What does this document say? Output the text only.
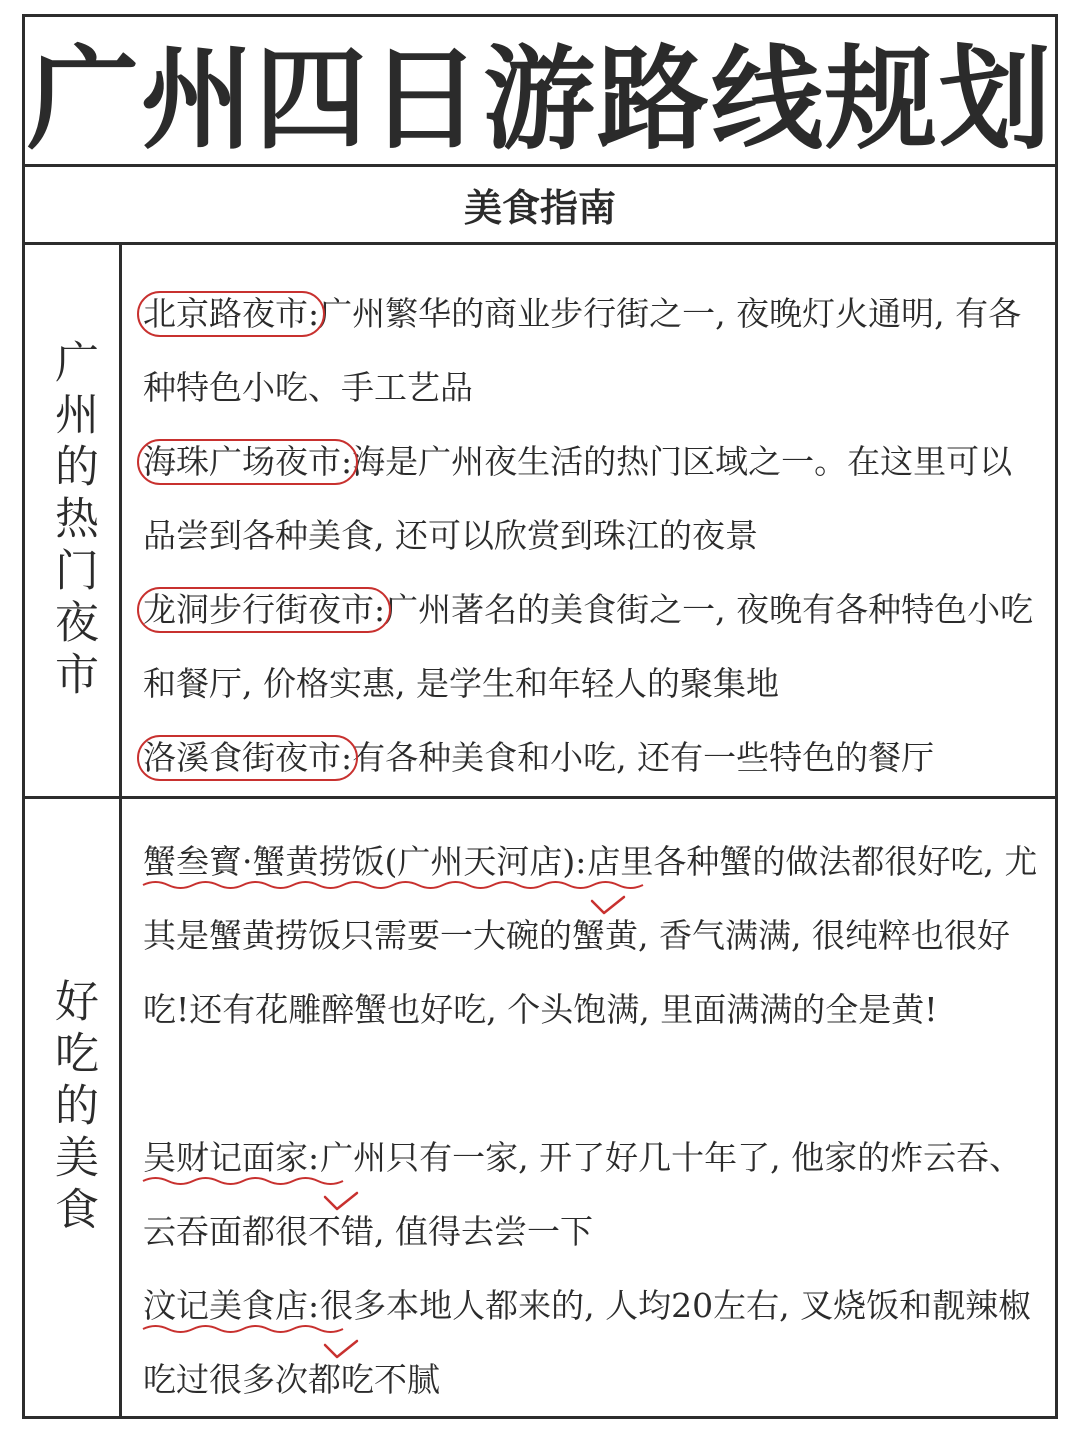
广州四日游路线规划
美食指南
广州的热门夜市
北京路夜市:
广州繁华的商业步行街之一, 夜晚灯火通明, 有各种特色小吃、手工艺品
海珠广场夜市:
海是广州夜生活的热门区域之一。在这里可以品尝到各种美食, 还可以欣赏到珠江的夜景
龙洞步行街夜市:
广州著名的美食街之一, 夜晚有各种特色小吃和餐厅, 价格实惠, 是学生和年轻人的聚集地
洛溪食街夜市:
有各种美食和小吃, 还有一些特色的餐厅
好吃的美食
蟹叁寳·蟹黄捞饭(广州天河店):
店里各种蟹的做法都很好吃, 尤其是蟹黄捞饭只需要一大碗的蟹黄, 香气满满, 很纯粹也很好吃!还有花雕醉蟹也好吃, 个头饱满, 里面满满的全是黄!
吴财记面家:
广州只有一家, 开了好几十年了, 他家的炸云吞、云吞面都很不错, 值得去尝一下
汶记美食店:
很多本地人都来的, 人均20左右, 叉烧饭和靓辣椒吃过很多次都吃不腻
